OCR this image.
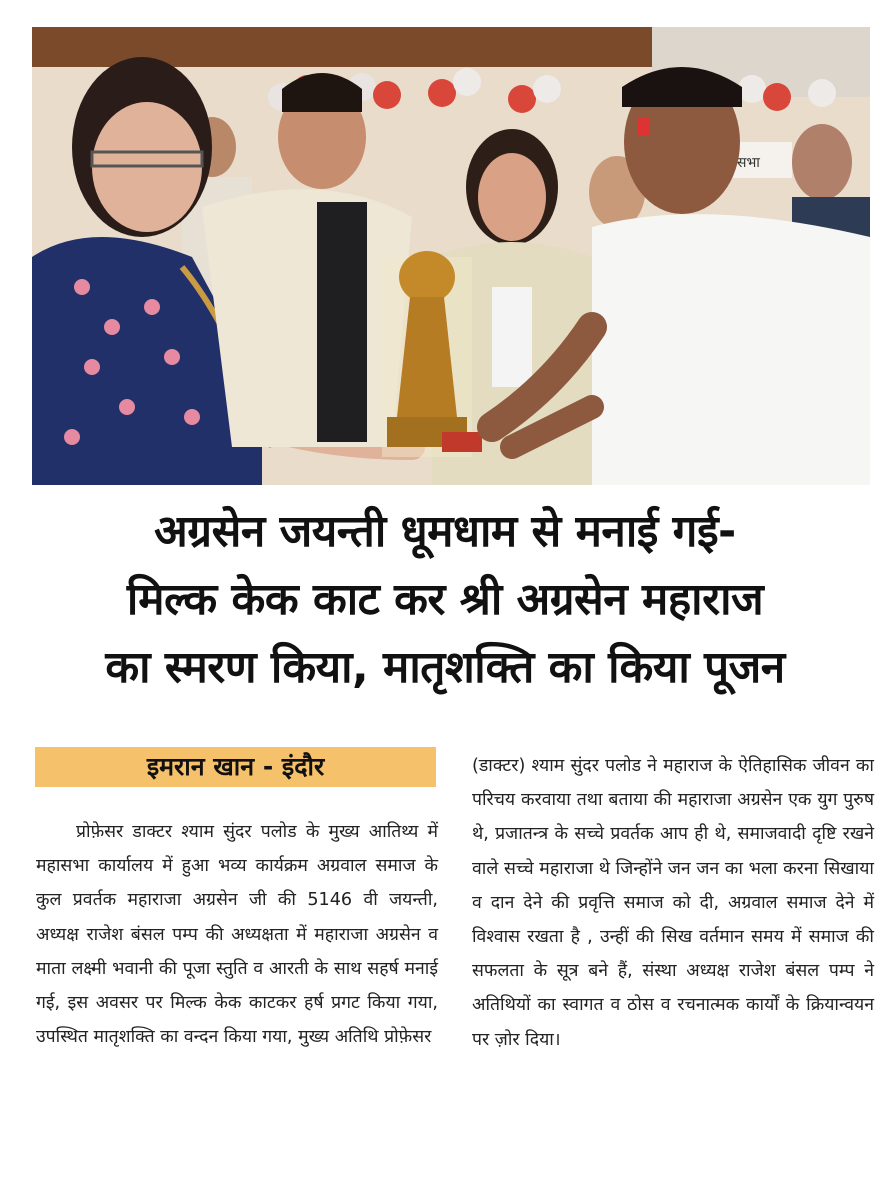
सभा
अग्रसेन जयन्ती धूमधाम से मनाई गई-
मिल्क केक काट कर श्री अग्रसेन महाराज
का स्मरण किया, मातृशक्ति का किया पूजन
इमरान खान - इंदौर

प्रोफ़ेसर डाक्टर श्याम सुंदर पलोड के मुख्य आतिथ्य में महासभा कार्यालय में हुआ भव्य कार्यक्रम अग्रवाल समाज के कुल प्रवर्तक महाराजा अग्रसेन जी की 5146 वी जयन्ती, अध्यक्ष राजेश बंसल पम्प की अध्यक्षता में महाराजा अग्रसेन व माता लक्ष्मी भवानी की पूजा स्तुति व आरती के साथ सहर्ष मनाई गई, इस अवसर पर मिल्क केक काटकर हर्ष प्रगट किया गया, उपस्थित मातृशक्ति का वन्दन किया गया, मुख्य अतिथि प्रोफ़ेसर

(डाक्टर) श्याम सुंदर पलोड ने महाराज के ऐतिहासिक जीवन का परिचय करवाया तथा बताया की महाराजा अग्रसेन एक युग पुरुष थे, प्रजातन्त्र के सच्चे प्रवर्तक आप ही थे, समाजवादी दृष्टि रखने वाले सच्चे महाराजा थे जिन्होंने जन जन का भला करना सिखाया व दान देने की प्रवृत्ति समाज को दी, अग्रवाल समाज देने में विश्वास रखता है , उन्हीं की सिख वर्तमान समय में समाज की सफलता के सूत्र बने हैं, संस्था अध्यक्ष राजेश बंसल पम्प ने अतिथियों का स्वागत व ठोस व रचनात्मक कार्यों के क्रियान्वयन पर ज़ोर दिया।
